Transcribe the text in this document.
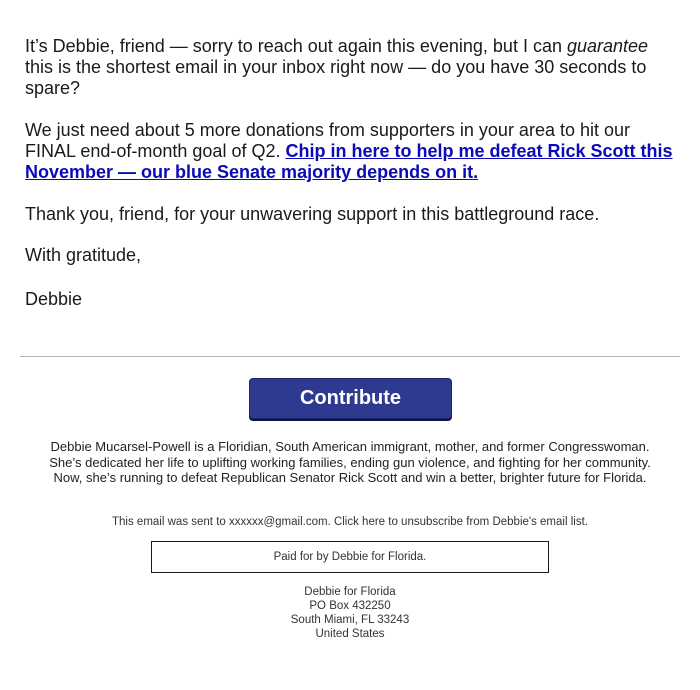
It’s Debbie, friend — sorry to reach out again this evening, but I can guarantee this is the shortest email in your inbox right now — do you have 30 seconds to spare?

We just need about 5 more donations from supporters in your area to hit our FINAL end-of-month goal of Q2. Chip in here to help me defeat Rick Scott this November — our blue Senate majority depends on it.

Thank you, friend, for your unwavering support in this battleground race.

With gratitude,

Debbie

Contribute
Debbie Mucarsel-Powell is a Floridian, South American immigrant, mother, and former Congresswoman.
She’s dedicated her life to uplifting working families, ending gun violence, and fighting for her community.
Now, she’s running to defeat Republican Senator Rick Scott and win a better, brighter future for Florida.
This email was sent to xxxxxx@gmail.com. Click here to unsubscribe from Debbie's email list.
Paid for by Debbie for Florida.
Debbie for Florida
PO Box 432250
South Miami, FL 33243
United States
